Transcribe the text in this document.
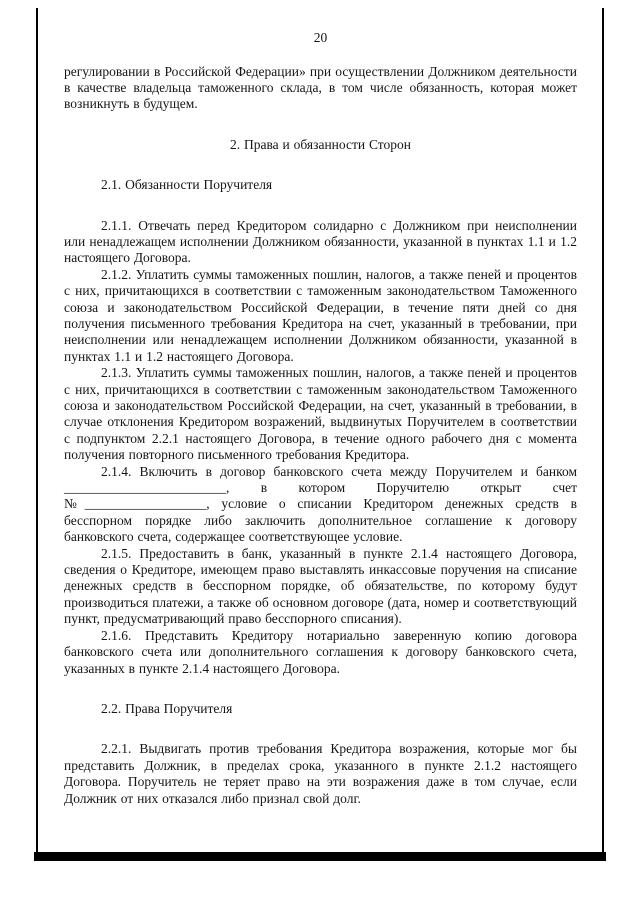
20

регулировании в Российской Федерации» при осуществлении Должником деятельности в качестве владельца таможенного склада, в том числе обязанность, которая может возникнуть в будущем.

2. Права и обязанности Сторон

2.1. Обязанности Поручителя

2.1.1. Отвечать перед Кредитором солидарно с Должником при неисполнении или ненадлежащем исполнении Должником обязанности, указанной в пунктах 1.1 и 1.2 настоящего Договора.

2.1.2. Уплатить суммы таможенных пошлин, налогов, а также пеней и процентов с них, причитающихся в соответствии с таможенным законодательством Таможенного союза и законодательством Российской Федерации, в течение пяти дней со дня получения письменного требования Кредитора на счет, указанный в требовании, при неисполнении или ненадлежащем исполнении Должником обязанности, указанной в пунктах 1.1 и 1.2 настоящего Договора.

2.1.3. Уплатить суммы таможенных пошлин, налогов, а также пеней и процентов с них, причитающихся в соответствии с таможенным законодательством Таможенного союза и законодательством Российской Федерации, на счет, указанный в требовании, в случае отклонения Кредитором возражений, выдвинутых Поручителем в соответствии с подпунктом 2.2.1 настоящего Договора, в течение одного рабочего дня с момента получения повторного письменного требования Кредитора.

2.1.4. Включить в договор банковского счета между Поручителем и банком ________________________, в котором Поручителю открыт счет №__________________, условие о списании Кредитором денежных средств в бесспорном порядке либо заключить дополнительное соглашение к договору банковского счета, содержащее соответствующее условие.

2.1.5. Предоставить в банк, указанный в пункте 2.1.4 настоящего Договора, сведения о Кредиторе, имеющем право выставлять инкассовые поручения на списание денежных средств в бесспорном порядке, об обязательстве, по которому будут производиться платежи, а также об основном договоре (дата, номер и соответствующий пункт, предусматривающий право бесспорного списания).

2.1.6. Представить Кредитору нотариально заверенную копию договора банковского счета или дополнительного соглашения к договору банковского счета, указанных в пункте 2.1.4 настоящего Договора.

2.2. Права Поручителя

2.2.1. Выдвигать против требования Кредитора возражения, которые мог бы представить Должник, в пределах срока, указанного в пункте 2.1.2 настоящего Договора. Поручитель не теряет право на эти возражения даже в том случае, если Должник от них отказался либо признал свой долг.
